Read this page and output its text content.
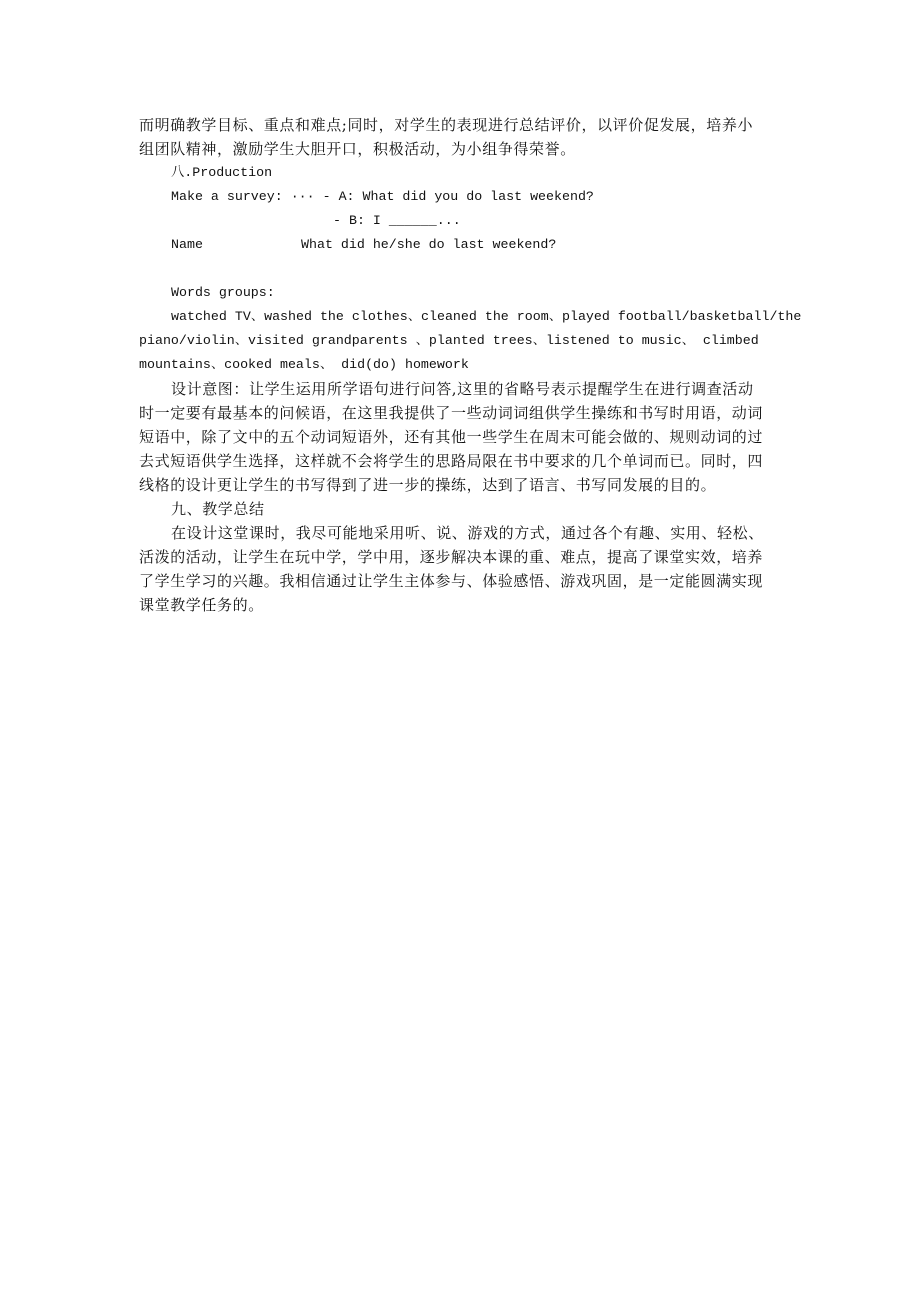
而明确教学目标、重点和难点;同时，对学生的表现进行总结评价，以评价促发展，培养小
组团队精神，激励学生大胆开口，积极活动，为小组争得荣誉。
八.Production
Make a survey: ··· - A: What did you do last weekend?
- B: I ______...
Name	What did he/she do last weekend?
Words groups:
watched TV、washed the clothes、cleaned the room、played football/basketball/the
piano/violin、visited grandparents 、planted trees、listened to music、 climbed
mountains、cooked meals、 did(do) homework
设计意图：让学生运用所学语句进行问答,这里的省略号表示提醒学生在进行调查活动
时一定要有最基本的问候语，在这里我提供了一些动词词组供学生操练和书写时用语，动词
短语中，除了文中的五个动词短语外，还有其他一些学生在周末可能会做的、规则动词的过
去式短语供学生选择，这样就不会将学生的思路局限在书中要求的几个单词而已。同时，四
线格的设计更让学生的书写得到了进一步的操练，达到了语言、书写同发展的目的。
九、教学总结
在设计这堂课时，我尽可能地采用听、说、游戏的方式，通过各个有趣、实用、轻松、
活泼的活动，让学生在玩中学，学中用，逐步解决本课的重、难点，提高了课堂实效，培养
了学生学习的兴趣。我相信通过让学生主体参与、体验感悟、游戏巩固，是一定能圆满实现
课堂教学任务的。
